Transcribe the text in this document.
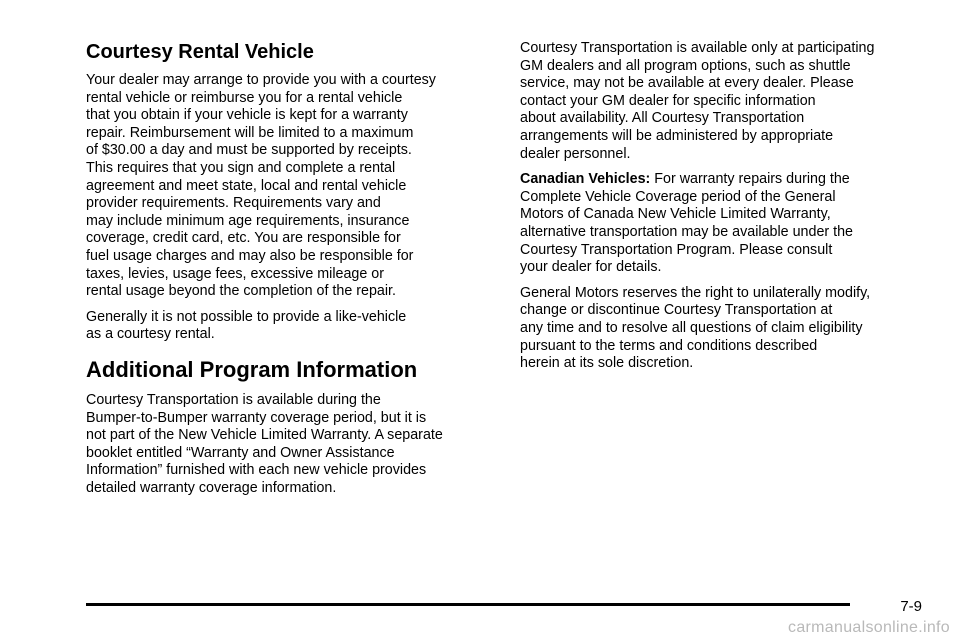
Courtesy Rental Vehicle
Your dealer may arrange to provide you with a courtesy
rental vehicle or reimburse you for a rental vehicle
that you obtain if your vehicle is kept for a warranty
repair. Reimbursement will be limited to a maximum
of $30.00 a day and must be supported by receipts.
This requires that you sign and complete a rental
agreement and meet state, local and rental vehicle
provider requirements. Requirements vary and
may include minimum age requirements, insurance
coverage, credit card, etc. You are responsible for
fuel usage charges and may also be responsible for
taxes, levies, usage fees, excessive mileage or
rental usage beyond the completion of the repair.
Generally it is not possible to provide a like-vehicle
as a courtesy rental.
Additional Program Information
Courtesy Transportation is available during the
Bumper-to-Bumper warranty coverage period, but it is
not part of the New Vehicle Limited Warranty. A separate
booklet entitled “Warranty and Owner Assistance
Information” furnished with each new vehicle provides
detailed warranty coverage information.
Courtesy Transportation is available only at participating
GM dealers and all program options, such as shuttle
service, may not be available at every dealer. Please
contact your GM dealer for specific information
about availability. All Courtesy Transportation
arrangements will be administered by appropriate
dealer personnel.
Canadian Vehicles: For warranty repairs during the
Complete Vehicle Coverage period of the General
Motors of Canada New Vehicle Limited Warranty,
alternative transportation may be available under the
Courtesy Transportation Program. Please consult
your dealer for details.
General Motors reserves the right to unilaterally modify,
change or discontinue Courtesy Transportation at
any time and to resolve all questions of claim eligibility
pursuant to the terms and conditions described
herein at its sole discretion.
7-9
carmanualsonline.info
